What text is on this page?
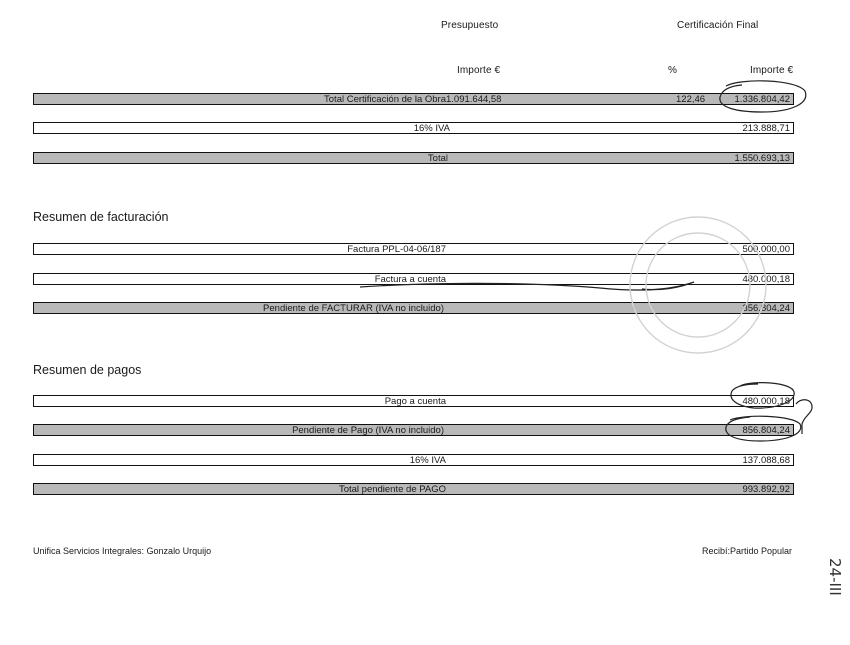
Presupuesto	Certificación Final
Importe €	%	Importe €
Total Certificación de la Obra 1.091.644,58	122,46	1.336.804,42
16% IVA	213.888,71
Total	1.550.693,13
Resumen de facturación
Factura PPL-04-06/187	500.000,00
Factura a cuenta	480.000,18
Pendiente de FACTURAR (IVA no incluido)	356.804,24
Resumen de pagos
Pago a cuenta	480.000,18
Pendiente de Pago (IVA no incluido)	856.804,24
16% IVA	137.088,68
Total pendiente de PAGO	993.892,92
Unifica Servicios Integrales: Gonzalo Urquijo	Recibí:Partido Popular
24-III
